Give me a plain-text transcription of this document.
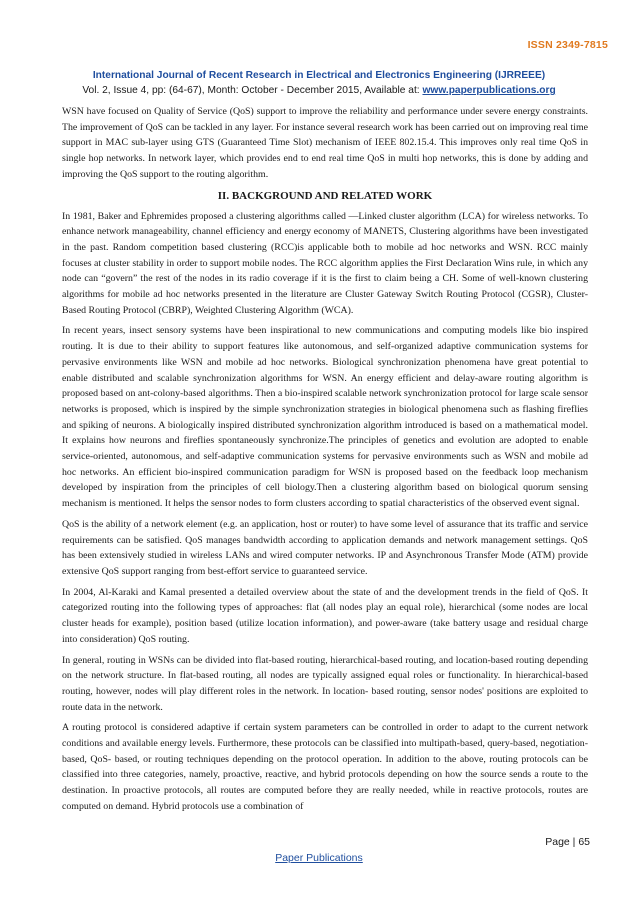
ISSN 2349-7815
International Journal of Recent Research in Electrical and Electronics Engineering (IJRREEE)
Vol. 2, Issue 4, pp: (64-67), Month: October - December 2015, Available at: www.paperpublications.org

WSN have focused on Quality of Service (QoS) support to improve the reliability and performance under severe energy constraints. The improvement of QoS can be tackled in any layer. For instance several research work has been carried out on improving real time support in MAC sub-layer using GTS (Guaranteed Time Slot) mechanism of IEEE 802.15.4. This improves only real time QoS in single hop networks. In network layer, which provides end to end real time QoS in multi hop networks, this is done by adding and improving the QoS support to the routing algorithm.

II. BACKGROUND AND RELATED WORK

In 1981, Baker and Ephremides proposed a clustering algorithms called ―Linked cluster algorithm (LCA) for wireless networks. To enhance network manageability, channel efficiency and energy economy of MANETS, Clustering algorithms have been investigated in the past. Random competition based clustering (RCC)is applicable both to mobile ad hoc networks and WSN. RCC mainly focuses at cluster stability in order to support mobile nodes. The RCC algorithm applies the First Declaration Wins rule, in which any node can “govern” the rest of the nodes in its radio coverage if it is the first to claim being a CH. Some of well-known clustering algorithms for mobile ad hoc networks presented in the literature are Cluster Gateway Switch Routing Protocol (CGSR), Cluster-Based Routing Protocol (CBRP), Weighted Clustering Algorithm (WCA).

In recent years, insect sensory systems have been inspirational to new communications and computing models like bio inspired routing. It is due to their ability to support features like autonomous, and self-organized adaptive communication systems for pervasive environments like WSN and mobile ad hoc networks. Biological synchronization phenomena have great potential to enable distributed and scalable synchronization algorithms for WSN. An energy efficient and delay-aware routing algorithm is proposed based on ant-colony-based algorithms. Then a bio-inspired scalable network synchronization protocol for large scale sensor networks is proposed, which is inspired by the simple synchronization strategies in biological phenomena such as flashing fireflies and spiking of neurons. A biologically inspired distributed synchronization algorithm introduced is based on a mathematical model. It explains how neurons and fireflies spontaneously synchronize.The principles of genetics and evolution are adopted to enable service-oriented, autonomous, and self-adaptive communication systems for pervasive environments such as WSN and mobile ad hoc networks. An efficient bio-inspired communication paradigm for WSN is proposed based on the feedback loop mechanism developed by inspiration from the principles of cell biology.Then a clustering algorithm based on biological quorum sensing mechanism is mentioned. It helps the sensor nodes to form clusters according to spatial characteristics of the observed event signal.

QoS is the ability of a network element (e.g. an application, host or router) to have some level of assurance that its traffic and service requirements can be satisfied. QoS manages bandwidth according to application demands and network management settings. QoS has been extensively studied in wireless LANs and wired computer networks. IP and Asynchronous Transfer Mode (ATM) provide extensive QoS support ranging from best-effort service to guaranteed service.

In 2004, Al-Karaki and Kamal presented a detailed overview about the state of and the development trends in the field of QoS. It categorized routing into the following types of approaches: flat (all nodes play an equal role), hierarchical (some nodes are local cluster heads for example), position based (utilize location information), and power-aware (take battery usage and residual charge into consideration) QoS routing.

In general, routing in WSNs can be divided into flat-based routing, hierarchical-based routing, and location-based routing depending on the network structure. In flat-based routing, all nodes are typically assigned equal roles or functionality. In hierarchical-based routing, however, nodes will play different roles in the network. In location- based routing, sensor nodes' positions are exploited to route data in the network.

A routing protocol is considered adaptive if certain system parameters can be controlled in order to adapt to the current network conditions and available energy levels. Furthermore, these protocols can be classified into multipath-based, query-based, negotiation-based, QoS- based, or routing techniques depending on the protocol operation. In addition to the above, routing protocols can be classified into three categories, namely, proactive, reactive, and hybrid protocols depending on how the source sends a route to the destination. In proactive protocols, all routes are computed before they are really needed, while in reactive protocols, routes are computed on demand. Hybrid protocols use a combination of

Page | 65
Paper Publications
